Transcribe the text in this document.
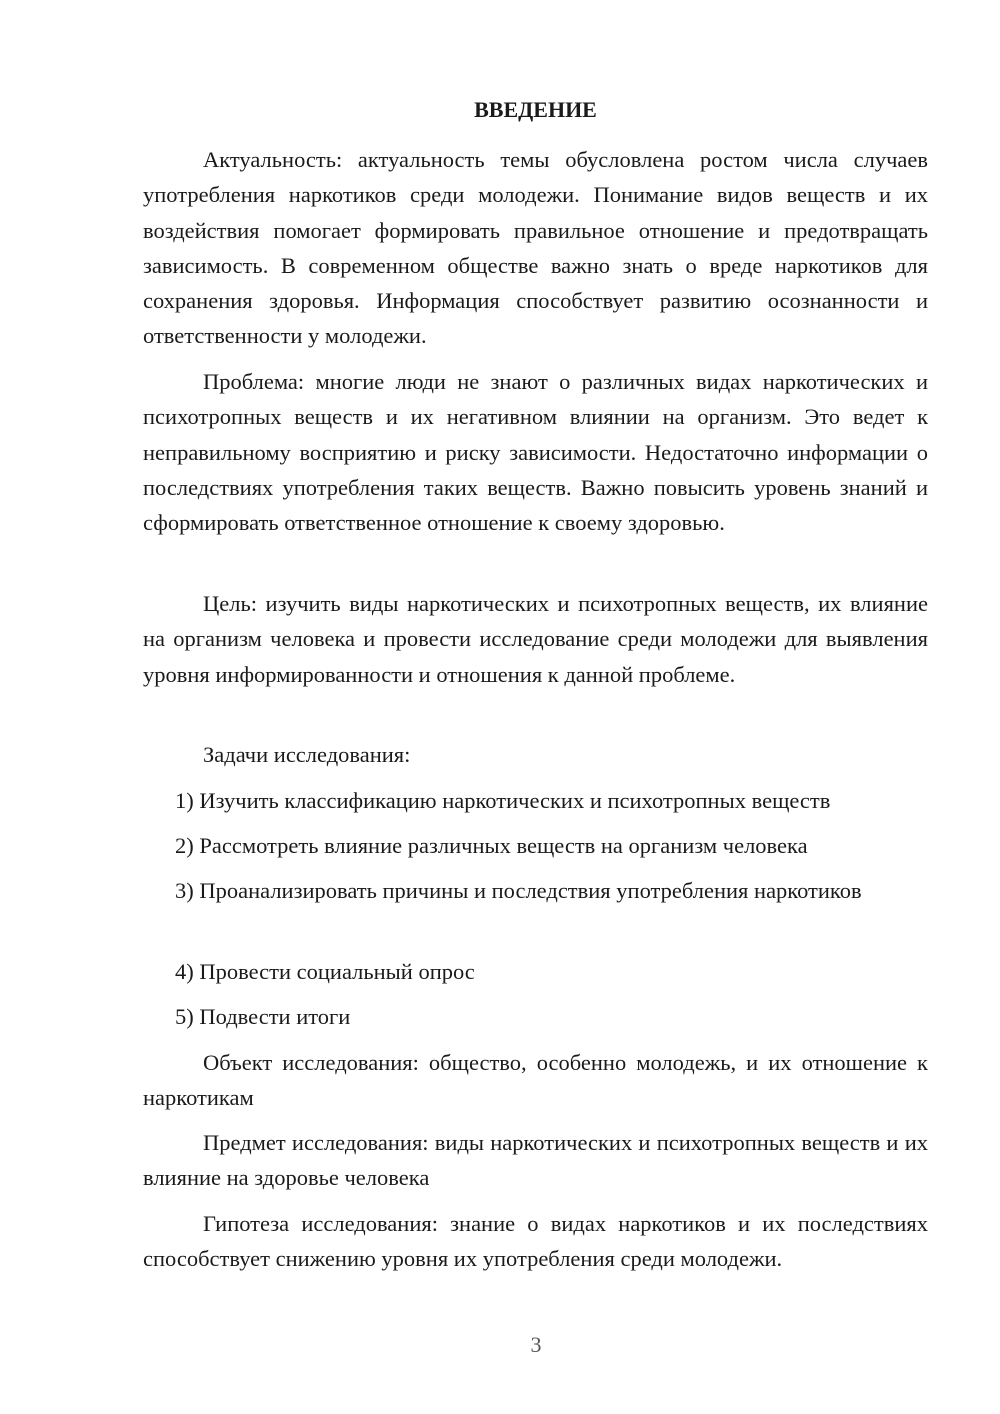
ВВЕДЕНИЕ

Актуальность: актуальность темы обусловлена ростом числа случаев употребления наркотиков среди молодежи. Понимание видов веществ и их воздействия помогает формировать правильное отношение и предотвращать зависимость. В современном обществе важно знать о вреде наркотиков для сохранения здоровья. Информация способствует развитию осознанности и ответственности у молодежи.

Проблема: многие люди не знают о различных видах наркотических и психотропных веществ и их негативном влиянии на организм. Это ведет к неправильному восприятию и риску зависимости. Недостаточно информации о последствиях употребления таких веществ. Важно повысить уровень знаний и сформировать ответственное отношение к своему здоровью.

Цель: изучить виды наркотических и психотропных веществ, их влияние на организм человека и провести исследование среди молодежи для выявления уровня информированности и отношения к данной проблеме.

Задачи исследования:

1) Изучить классификацию наркотических и психотропных веществ

2) Рассмотреть влияние различных веществ на организм человека

3) Проанализировать причины и последствия употребления наркотиков

4) Провести социальный опрос

5) Подвести итоги

Объект исследования: общество, особенно молодежь, и их отношение к наркотикам

Предмет исследования: виды наркотических и психотропных веществ и их влияние на здоровье человека

Гипотеза исследования: знание о видах наркотиков и их последствиях способствует снижению уровня их употребления среди молодежи.

3
